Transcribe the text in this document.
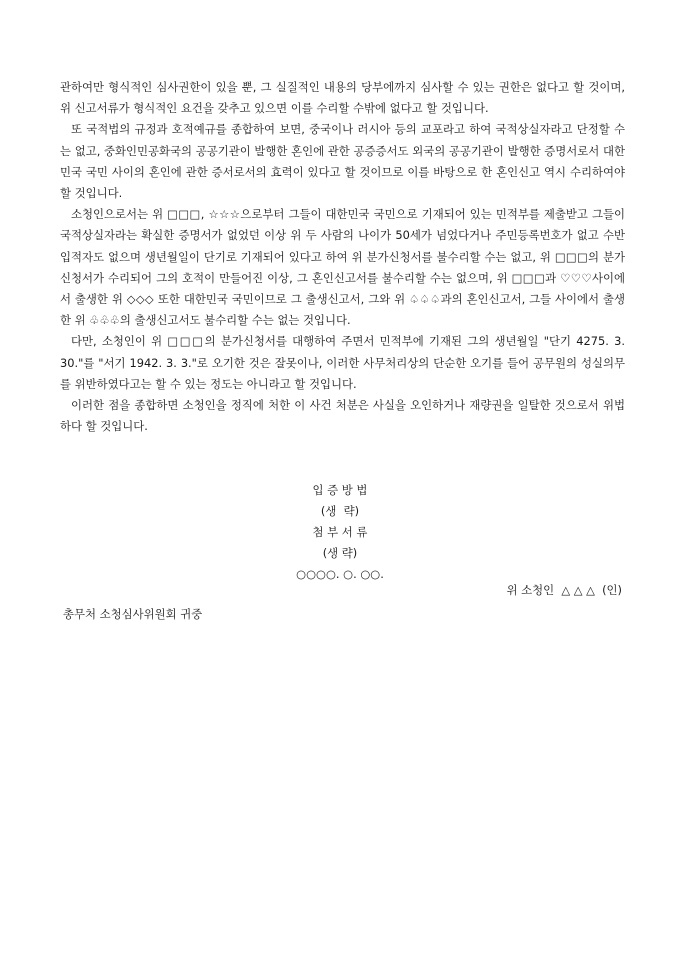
관하여만 형식적인 심사권한이 있을 뿐, 그 실질적인 내용의 당부에까지 심사할 수 있는 권한은 없다고 할 것이며, 위 신고서류가 형식적인 요건을 갖추고 있으면 이를 수리할 수밖에 없다고 할 것입니다.

또 국적법의 규정과 호적예규를 종합하여 보면, 중국이나 러시아 등의 교포라고 하여 국적상실자라고 단정할 수는 없고, 중화인민공화국의 공공기관이 발행한 혼인에 관한 공증증서도 외국의 공공기관이 발행한 증명서로서 대한민국 국민 사이의 혼인에 관한 증서로서의 효력이 있다고 할 것이므로 이를 바탕으로 한 혼인신고 역시 수리하여야 할 것입니다.

소청인으로서는 위 □□□, ☆☆☆으로부터 그들이 대한민국 국민으로 기재되어 있는 민적부를 제출받고 그들이 국적상실자라는 확실한 증명서가 없었던 이상 위 두 사람의 나이가 50세가 넘었다거나 주민등록번호가 없고 수반입적자도 없으며 생년월일이 단기로 기재되어 있다고 하여 위 분가신청서를 불수리할 수는 없고, 위 □□□의 분가신청서가 수리되어 그의 호적이 만들어진 이상, 그 혼인신고서를 불수리할 수는 없으며, 위 □□□과 ♡♡♡사이에서 출생한 위 ◇◇◇ 또한 대한민국 국민이므로 그 출생신고서, 그와 위 ♤♤♤과의 혼인신고서, 그들 사이에서 출생한 위 ♧♧♧의 출생신고서도 불수리할 수는 없는 것입니다.

다만, 소청인이 위 □□□의 분가신청서를 대행하여 주면서 민적부에 기재된 그의 생년월일 "단기 4275. 3. 30."를 "서기 1942. 3. 3."로 오기한 것은 잘못이나, 이러한 사무처리상의 단순한 오기를 들어 공무원의 성실의무를 위반하였다고는 할 수 있는 정도는 아니라고 할 것입니다.

이러한 점을 종합하면 소청인을 정직에 처한 이 사건 처분은 사실을 오인하거나 재량권을 일탈한 것으로서 위법하다 할 것입니다.

입 증 방 법
(생  략)
첨 부 서 류
(생 략)
○○○○. ○. ○○.
위 소청인  △ △ △  (인)
총무처 소청심사위원회 귀중
